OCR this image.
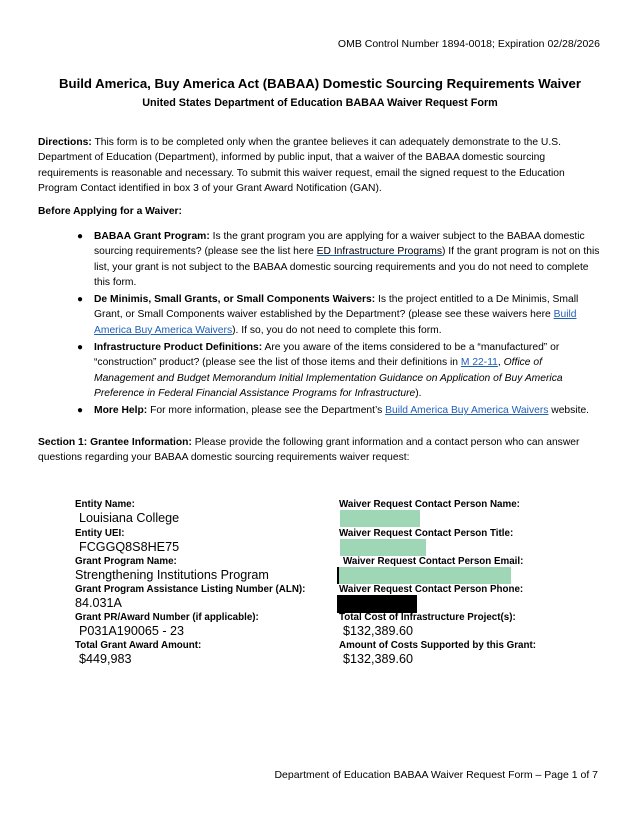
OMB Control Number 1894-0018; Expiration 02/28/2026
Build America, Buy America Act (BABAA) Domestic Sourcing Requirements Waiver
United States Department of Education BABAA Waiver Request Form

Directions: This form is to be completed only when the grantee believes it can adequately demonstrate to the U.S. Department of Education (Department), informed by public input, that a waiver of the BABAA domestic sourcing requirements is reasonable and necessary. To submit this waiver request, email the signed request to the Education Program Contact identified in box 3 of your Grant Award Notification (GAN).

Before Applying for a Waiver:
● BABAA Grant Program: Is the grant program you are applying for a waiver subject to the BABAA domestic sourcing requirements? (please see the list here ED Infrastructure Programs) If the grant program is not on this list, your grant is not subject to the BABAA domestic sourcing requirements and you do not need to complete this form.
● De Minimis, Small Grants, or Small Components Waivers: Is the project entitled to a De Minimis, Small Grant, or Small Components waiver established by the Department? (please see these waivers here Build America Buy America Waivers). If so, you do not need to complete this form.
● Infrastructure Product Definitions: Are you aware of the items considered to be a “manufactured” or “construction” product? (please see the list of those items and their definitions in M 22-11, Office of Management and Budget Memorandum Initial Implementation Guidance on Application of Buy America Preference in Federal Financial Assistance Programs for Infrastructure).
● More Help: For more information, please see the Department’s Build America Buy America Waivers website.

Section 1: Grantee Information: Please provide the following grant information and a contact person who can answer questions regarding your BABAA domestic sourcing requirements waiver request:

Entity Name:
Louisiana College
Entity UEI:
FCGGQ8S8HE75
Grant Program Name:
Strengthening Institutions Program
Grant Program Assistance Listing Number (ALN):
84.031A
Grant PR/Award Number (if applicable):
P031A190065 - 23
Total Grant Award Amount:
$449,983
Waiver Request Contact Person Name:
Waiver Request Contact Person Title:
Waiver Request Contact Person Email:
Waiver Request Contact Person Phone:
Total Cost of Infrastructure Project(s):
$132,389.60
Amount of Costs Supported by this Grant:
$132,389.60
Department of Education BABAA Waiver Request Form – Page 1 of 7
